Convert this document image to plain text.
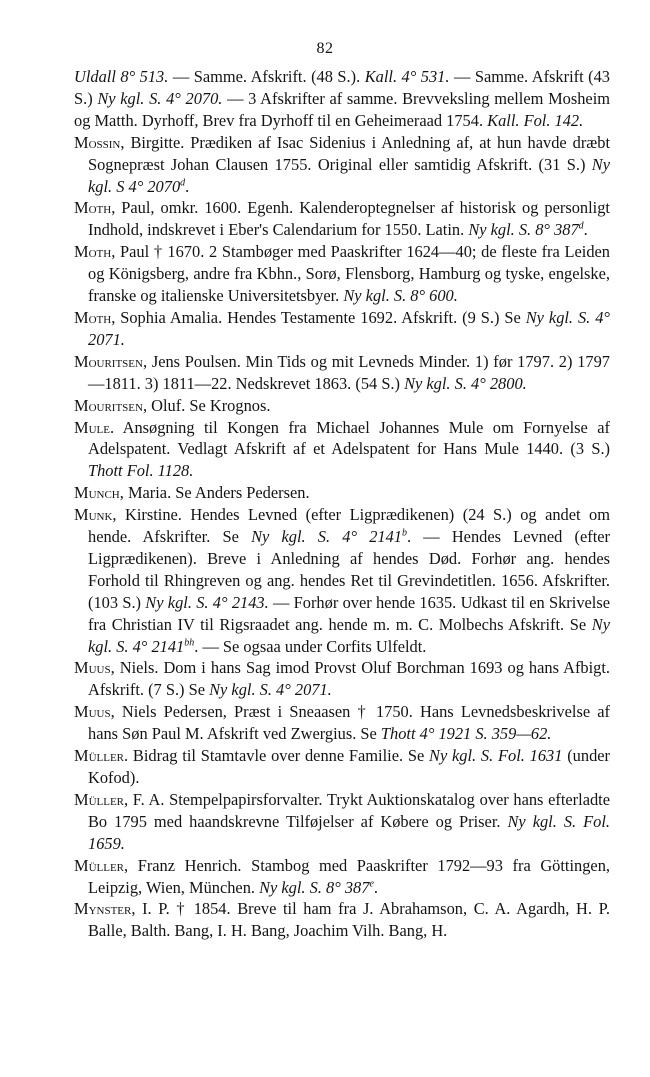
82

Uldall 8° 513. — Samme. Afskrift. (48 S.). Kall. 4° 531. — Samme. Afskrift (43 S.) Ny kgl. S. 4° 2070. — 3 Afskrifter af samme. Brevveksling mellem Mosheim og Matth. Dyrhoff, Brev fra Dyrhoff til en Geheimeraad 1754. Kall. Fol. 142.

Mossin, Birgitte. Prædiken af Isac Sidenius i Anledning af, at hun havde dræbt Sognepræst Johan Clausen 1755. Original eller samtidig Afskrift. (31 S.) Ny kgl. S 4° 2070$^d$.

Moth, Paul, omkr. 1600. Egenh. Kalenderoptegnelser af historisk og personligt Indhold, indskrevet i Eber's Calendarium for 1550. Latin. Ny kgl. S. 8° 387$^d$.

Moth, Paul † 1670. 2 Stambøger med Paaskrifter 1624—40; de fleste fra Leiden og Königsberg, andre fra Kbhn., Sorø, Flensborg, Hamburg og tyske, engelske, franske og italienske Universitetsbyer. Ny kgl. S. 8° 600.

Moth, Sophia Amalia. Hendes Testamente 1692. Afskrift. (9 S.) Se Ny kgl. S. 4° 2071.

Mouritsen, Jens Poulsen. Min Tids og mit Levneds Minder. 1) før 1797. 2) 1797—1811. 3) 1811—22. Nedskrevet 1863. (54 S.) Ny kgl. S. 4° 2800.

Mouritsen, Oluf. Se Krognos.

Mule. Ansøgning til Kongen fra Michael Johannes Mule om Fornyelse af Adelspatent. Vedlagt Afskrift af et Adelspatent for Hans Mule 1440. (3 S.) Thott Fol. 1128.

Munch, Maria. Se Anders Pedersen.

Munk, Kirstine. Hendes Levned (efter Ligprædikenen) (24 S.) og andet om hende. Afskrifter. Se Ny kgl. S. 4° 2141$^b$. — Hendes Levned (efter Ligprædikenen). Breve i Anledning af hendes Død. Forhør ang. hendes Forhold til Rhingreven og ang. hendes Ret til Grevindetitlen. 1656. Afskrifter. (103 S.) Ny kgl. S. 4° 2143. — Forhør over hende 1635. Udkast til en Skrivelse fra Christian IV til Rigsraadet ang. hende m. m. C. Molbechs Afskrift. Se Ny kgl. S. 4° $2141^{bh}$. — Se ogsaa under Corfits Ulfeldt.

Muus, Niels. Dom i hans Sag imod Provst Oluf Borchman 1693 og hans Afbigt. Afskrift. (7 S.) Se Ny kgl. S. 4° 2071.

Muus, Niels Pedersen, Præst i Sneaasen † 1750. Hans Levnedsbeskrivelse af hans Søn Paul M. Afskrift ved Zwergius. Se Thott 4° 1921 S. 359—62.

Müller. Bidrag til Stamtavle over denne Familie. Se Ny kgl. S. Fol. 1631 (under Kofod).

Müller, F. A. Stempelpapirsforvalter. Trykt Auktionskatalog over hans efterladte Bo 1795 med haandskrevne Tilføjelser af Købere og Priser. Ny kgl. S. Fol. 1659.

Müller, Franz Henrich. Stambog med Paaskrifter 1792—93 fra Göttingen, Leipzig, Wien, München. Ny kgl. S. 8° 387e.

Mynster, I. P. † 1854. Breve til ham fra J. Abrahamson, C. A. Agardh, H. P. Balle, Balth. Bang, I. H. Bang, Joachim Vilh. Bang, H.
